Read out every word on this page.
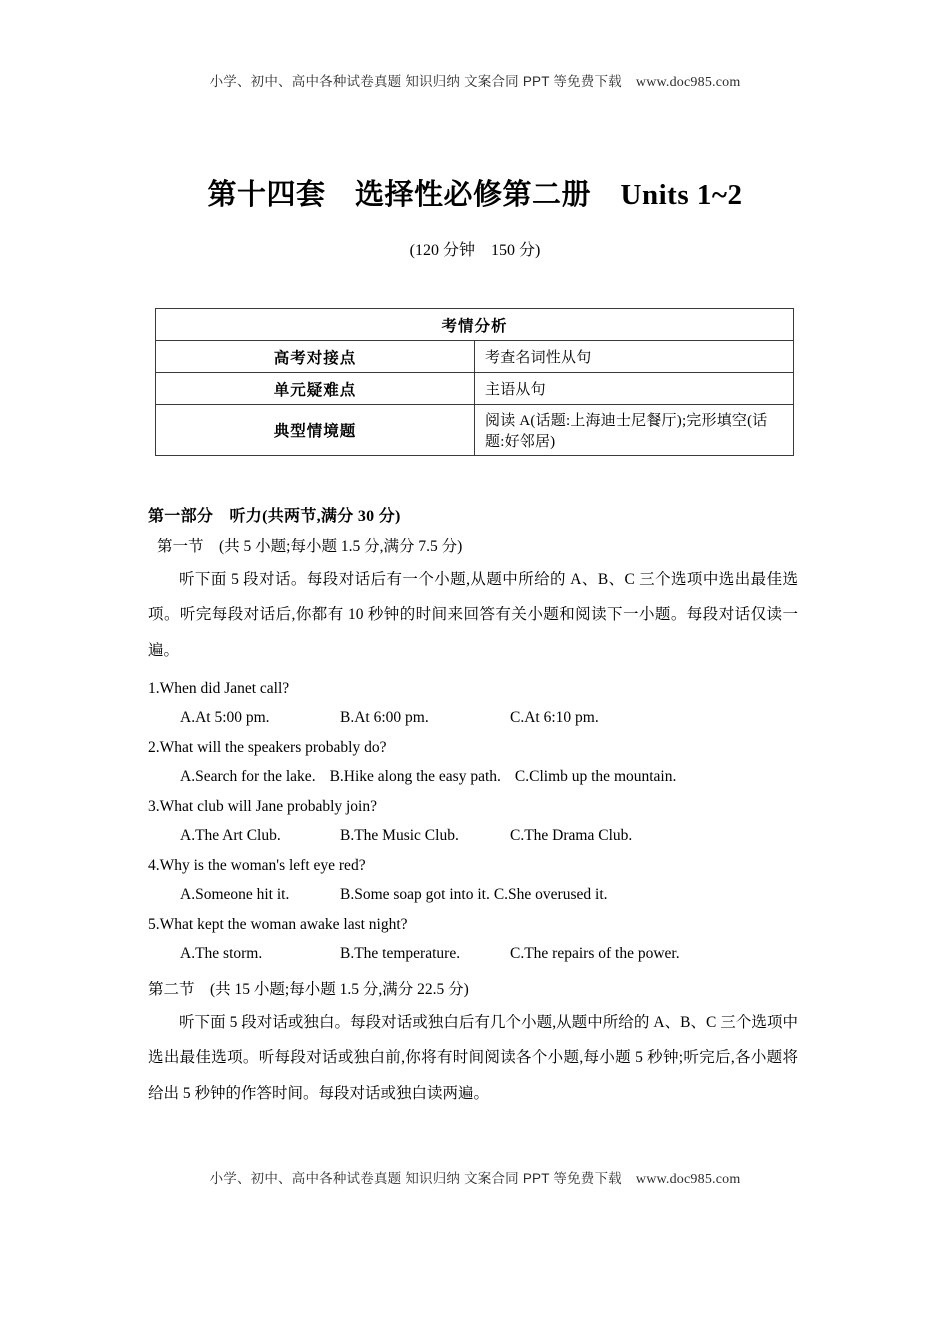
小学、初中、高中各种试卷真题 知识归纳 文案合同 PPT 等免费下载 www.doc985.com
第十四套　选择性必修第二册　Units 1~2
(120 分钟　150 分)
考情分析	
高考对接点	考查名词性从句
单元疑难点	主语从句
典型情境题	阅读 A(话题:上海迪士尼餐厅);完形填空(话题:好邻居)

第一部分　听力(共两节,满分 30 分)

第一节　(共 5 小题;每小题 1.5 分,满分 7.5 分)

听下面 5 段对话。每段对话后有一个小题,从题中所给的 A、B、C 三个选项中选出最佳选项。听完每段对话后,你都有 10 秒钟的时间来回答有关小题和阅读下一小题。每段对话仅读一遍。

1.When did Janet call?

A.At 5:00 pm.	B.At 6:00 pm.	C.At 6:10 pm.

2.What will the speakers probably do?

A.Search for the lake. B.Hike along the easy path. C.Climb up the mountain.

3.What club will Jane probably join?

A.The Art Club.	B.The Music Club.	C.The Drama Club.

4.Why is the woman's left eye red?

A.Someone hit it.	B.Some soap got into it. C.She overused it.

5.What kept the woman awake last night?

A.The storm.	B.The temperature.	C.The repairs of the power.

第二节　(共 15 小题;每小题 1.5 分,满分 22.5 分)

听下面 5 段对话或独白。每段对话或独白后有几个小题,从题中所给的 A、B、C 三个选项中选出最佳选项。听每段对话或独白前,你将有时间阅读各个小题,每小题 5 秒钟;听完后,各小题将给出 5 秒钟的作答时间。每段对话或独白读两遍。

小学、初中、高中各种试卷真题 知识归纳 文案合同 PPT 等免费下载 www.doc985.com
